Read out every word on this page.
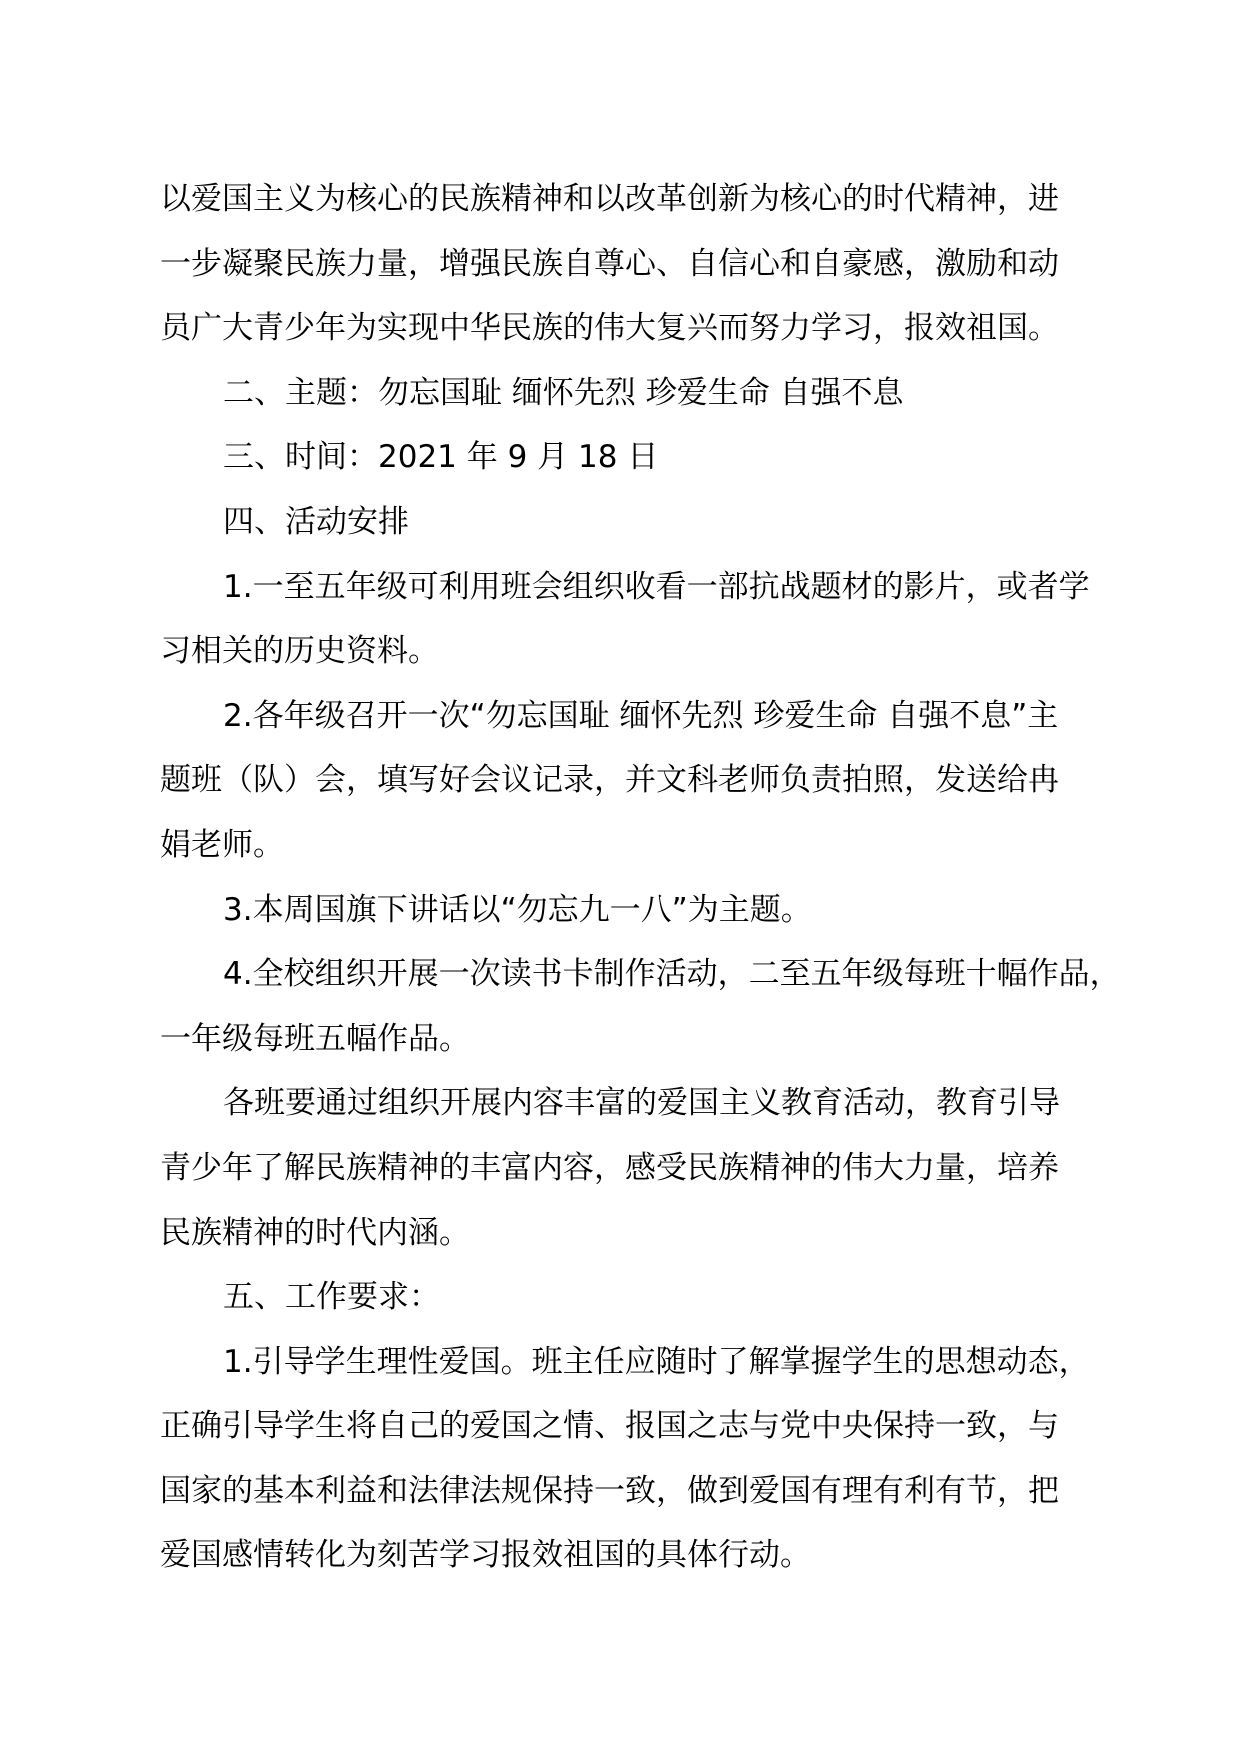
以爱国主义为核心的民族精神和以改革创新为核心的时代精神，进
一步凝聚民族力量，增强民族自尊心、自信心和自豪感，激励和动
员广大青少年为实现中华民族的伟大复兴而努力学习，报效祖国。
二、主题：勿忘国耻 缅怀先烈 珍爱生命 自强不息
三、时间：2021 年 9 月 18 日
四、活动安排
1.一至五年级可利用班会组织收看一部抗战题材的影片，或者学
习相关的历史资料。
2.各年级召开一次“勿忘国耻 缅怀先烈 珍爱生命 自强不息”主
题班（队）会，填写好会议记录，并文科老师负责拍照，发送给冉
娟老师。
3.本周国旗下讲话以“勿忘九一八”为主题。
4.全校组织开展一次读书卡制作活动，二至五年级每班十幅作品，
一年级每班五幅作品。
各班要通过组织开展内容丰富的爱国主义教育活动，教育引导
青少年了解民族精神的丰富内容，感受民族精神的伟大力量，培养
民族精神的时代内涵。
五、工作要求：
1.引导学生理性爱国。班主任应随时了解掌握学生的思想动态，
正确引导学生将自己的爱国之情、报国之志与党中央保持一致，与
国家的基本利益和法律法规保持一致，做到爱国有理有利有节，把
爱国感情转化为刻苦学习报效祖国的具体行动。
